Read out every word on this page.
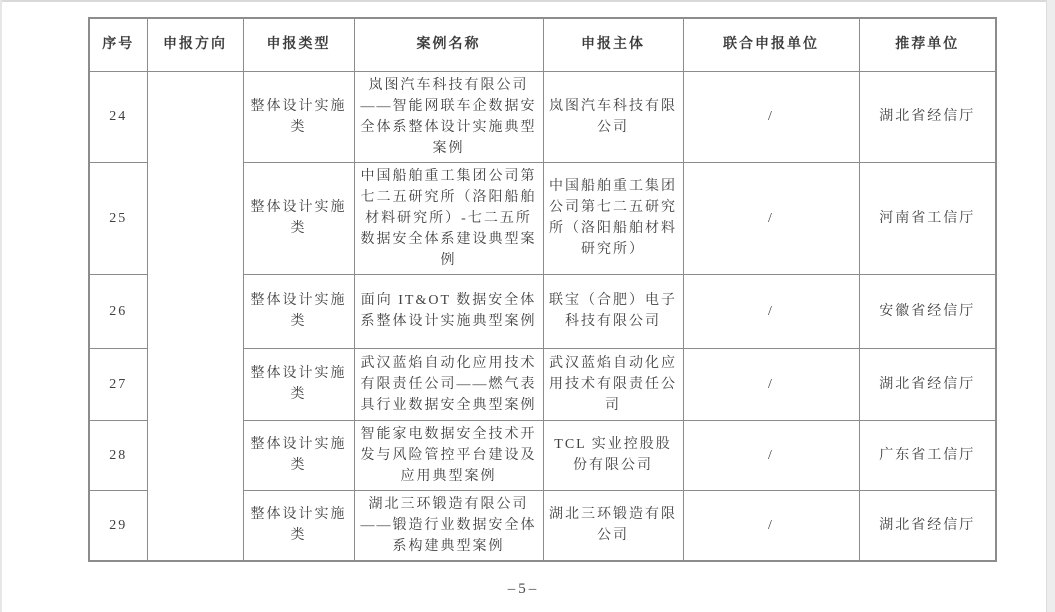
序号	申报方向	申报类型	案例名称	申报主体	联合申报单位	推荐单位
24		整体设计实施类	岚图汽车科技有限公司——智能网联车企数据安全体系整体设计实施典型案例	岚图汽车科技有限公司	/	湖北省经信厅
25		整体设计实施类	中国船舶重工集团公司第七二五研究所（洛阳船舶材料研究所）-七二五所数据安全体系建设典型案例	中国船舶重工集团公司第七二五研究所（洛阳船舶材料研究所）	/	河南省工信厅
26		整体设计实施类	面向 IT&OT 数据安全体系整体设计实施典型案例	联宝（合肥）电子科技有限公司	/	安徽省经信厅
27		整体设计实施类	武汉蓝焰自动化应用技术有限责任公司——燃气表具行业数据安全典型案例	武汉蓝焰自动化应用技术有限责任公司	/	湖北省经信厅
28		整体设计实施类	智能家电数据安全技术开发与风险管控平台建设及应用典型案例	TCL 实业控股股份有限公司	/	广东省工信厅
29		整体设计实施类	湖北三环锻造有限公司——锻造行业数据安全体系构建典型案例	湖北三环锻造有限公司	/	湖北省经信厅
–5–
